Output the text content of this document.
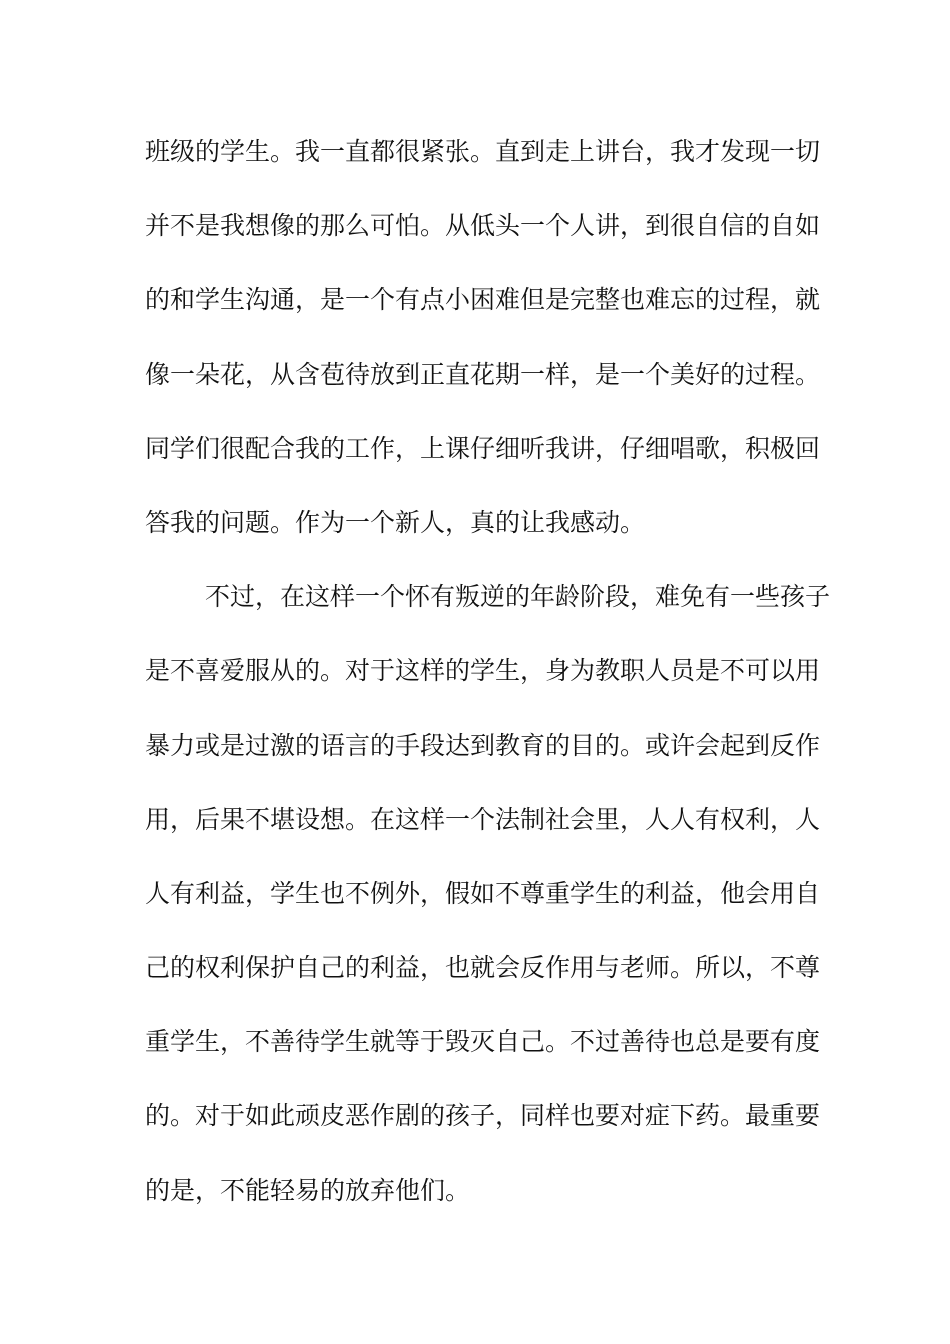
班级的学生。我一直都很紧张。直到走上讲台，我才发现一切
并不是我想像的那么可怕。从低头一个人讲，到很自信的自如
的和学生沟通，是一个有点小困难但是完整也难忘的过程，就
像一朵花，从含苞待放到正直花期一样，是一个美好的过程。
同学们很配合我的工作，上课仔细听我讲，仔细唱歌，积极回
答我的问题。作为一个新人，真的让我感动。
不过，在这样一个怀有叛逆的年龄阶段，难免有一些孩子
是不喜爱服从的。对于这样的学生，身为教职人员是不可以用
暴力或是过激的语言的手段达到教育的目的。或许会起到反作
用，后果不堪设想。在这样一个法制社会里，人人有权利，人
人有利益，学生也不例外，假如不尊重学生的利益，他会用自
己的权利保护自己的利益，也就会反作用与老师。所以，不尊
重学生，不善待学生就等于毁灭自己。不过善待也总是要有度
的。对于如此顽皮恶作剧的孩子，同样也要对症下药。最重要
的是，不能轻易的放弃他们。
